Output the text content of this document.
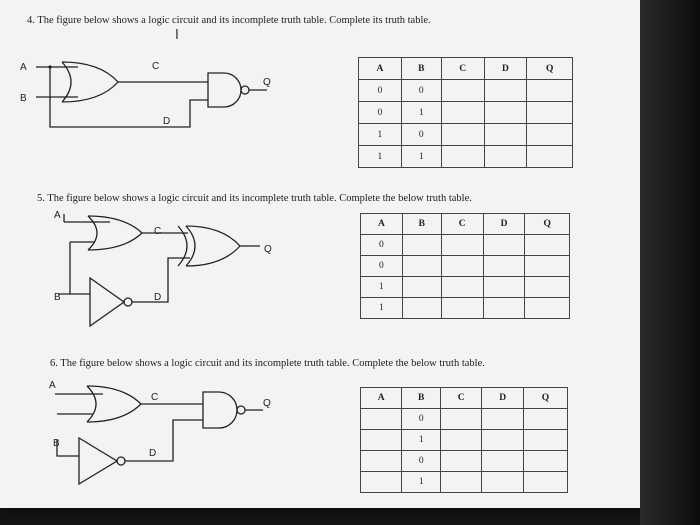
4. The figure below shows a logic circuit and its incomplete truth table. Complete its truth table.
I
A
B
C
D
Q
A	B	C	D	Q
0	0			
0	1			
1	0			
1	1			
5. The figure below shows a logic circuit and its incomplete truth table. Complete the below truth table.
A
B
C
D
Q
A	B	C	D	Q
0				
0				
1				
1				
6. The figure below shows a logic circuit and its incomplete truth table. Complete the below truth table.
A
B
C
D
Q	A	B	C	D	Q
	0			
	1			
	0			
	1			
